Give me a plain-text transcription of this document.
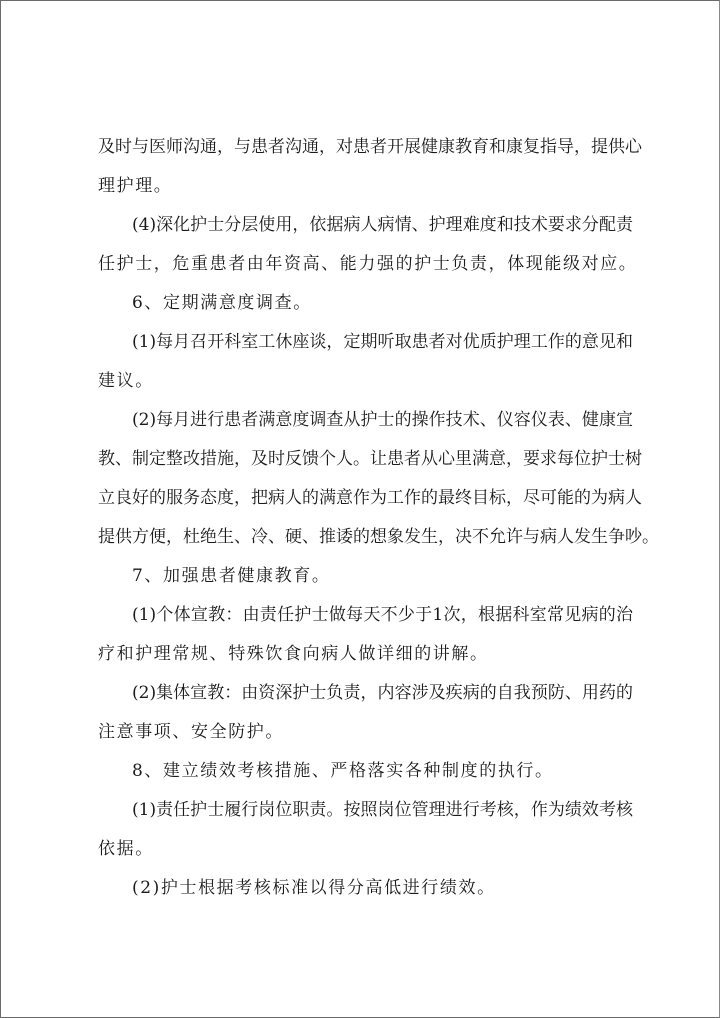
及时与医师沟通，与患者沟通，对患者开展健康教育和康复指导，提供心
理护理。
(4)深化护士分层使用，依据病人病情、护理难度和技术要求分配责
任护士，危重患者由年资高、能力强的护士负责，体现能级对应。
6、定期满意度调查。
(1)每月召开科室工休座谈，定期听取患者对优质护理工作的意见和
建议。
(2)每月进行患者满意度调查从护士的操作技术、仪容仪表、健康宣
教、制定整改措施，及时反馈个人。让患者从心里满意，要求每位护士树
立良好的服务态度，把病人的满意作为工作的最终目标，尽可能的为病人
提供方便，杜绝生、冷、硬、推诿的想象发生，决不允许与病人发生争吵。
7、加强患者健康教育。
(1)个体宣教：由责任护士做每天不少于1次，根据科室常见病的治
疗和护理常规、特殊饮食向病人做详细的讲解。
(2)集体宣教：由资深护士负责，内容涉及疾病的自我预防、用药的
注意事项、安全防护。
8、建立绩效考核措施、严格落实各种制度的执行。
(1)责任护士履行岗位职责。按照岗位管理进行考核，作为绩效考核
依据。
(2)护士根据考核标准以得分高低进行绩效。
